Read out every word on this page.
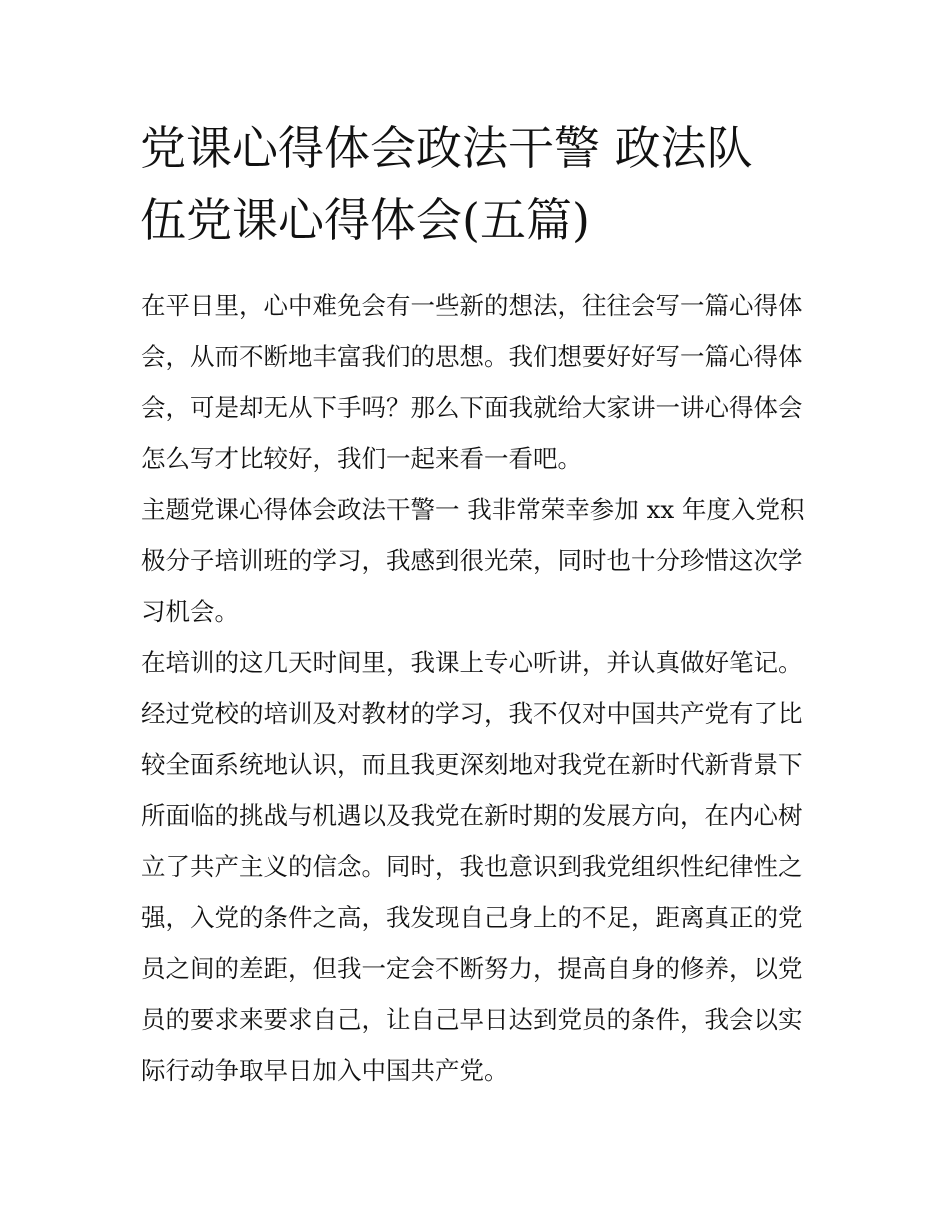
党课心得体会政法干警 政法队
伍党课心得体会(五篇)

在平日里，心中难免会有一些新的想法，往往会写一篇心得体
会，从而不断地丰富我们的思想。我们想要好好写一篇心得体
会，可是却无从下手吗？那么下面我就给大家讲一讲心得体会
怎么写才比较好，我们一起来看一看吧。

主题党课心得体会政法干警一 我非常荣幸参加 xx 年度入党积
极分子培训班的学习，我感到很光荣，同时也十分珍惜这次学
习机会。

在培训的这几天时间里，我课上专心听讲，并认真做好笔记。
经过党校的培训及对教材的学习，我不仅对中国共产党有了比
较全面系统地认识，而且我更深刻地对我党在新时代新背景下
所面临的挑战与机遇以及我党在新时期的发展方向，在内心树
立了共产主义的信念。同时，我也意识到我党组织性纪律性之
强，入党的条件之高，我发现自己身上的不足，距离真正的党
员之间的差距，但我一定会不断努力，提高自身的修养，以党
员的要求来要求自己，让自己早日达到党员的条件，我会以实
际行动争取早日加入中国共产党。
